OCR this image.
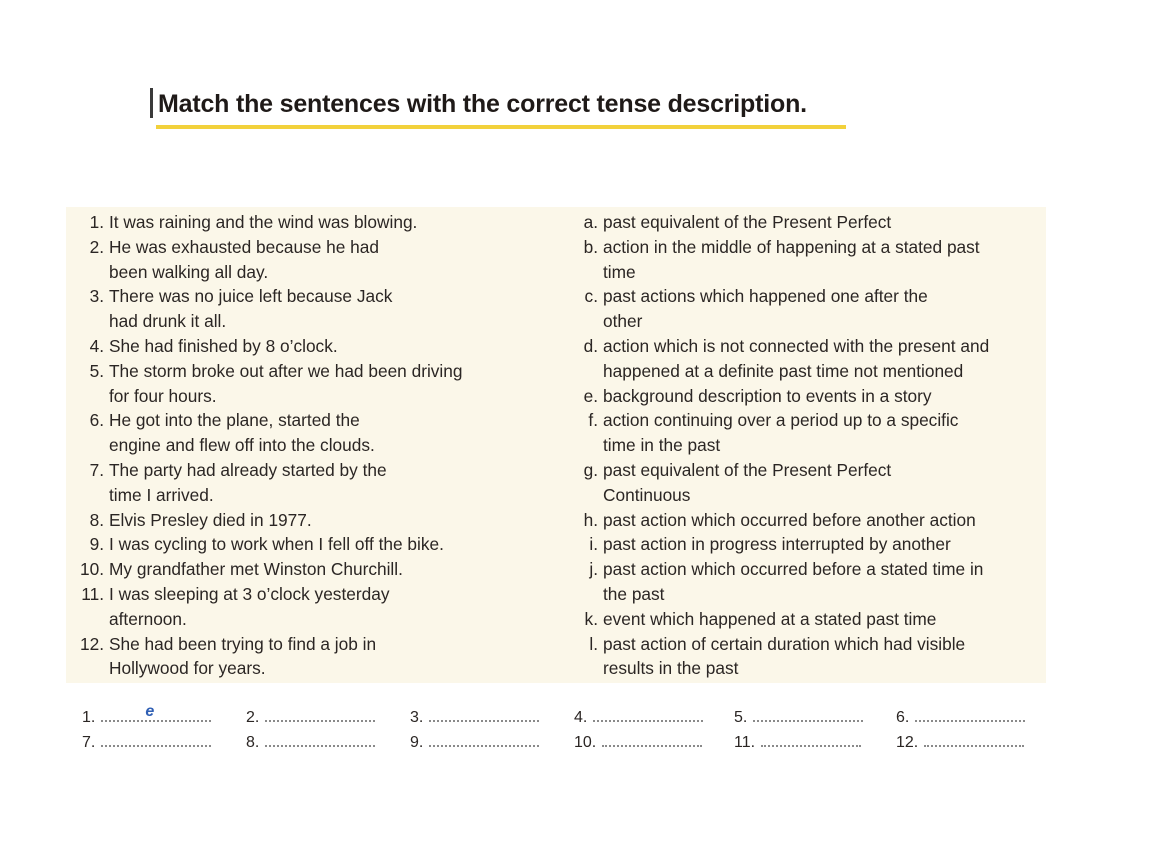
Match the sentences with the correct tense description.
1. It was raining and the wind was blowing.
2. He was exhausted because he had
been walking all day.
3. There was no juice left because Jack
had drunk it all.
4. She had finished by 8 o’clock.
5. The storm broke out after we had been driving
for four hours.
6. He got into the plane, started the
engine and flew off into the clouds.
7. The party had already started by the
time I arrived.
8. Elvis Presley died in 1977.
9. I was cycling to work when I fell off the bike.
10. My grandfather met Winston Churchill.
11. I was sleeping at 3 o’clock yesterday
afternoon.
12. She had been trying to find a job in
Hollywood for years.
a. past equivalent of the Present Perfect
b. action in the middle of happening at a stated past
time
c. past actions which happened one after the
other
d. action which is not connected with the present and
happened at a definite past time not mentioned
e. background description to events in a story
f. action continuing over a period up to a specific
time in the past
g. past equivalent of the Present Perfect
Continuous
h. past action which occurred before another action
i. past action in progress interrupted by another
j. past action which occurred before a stated time in
the past
k. event which happened at a stated past time
l. past action of certain duration which had visible
results in the past
1.	e	2.	3.	4.	5.	6.
7.	8.	9.	10.	11.	12.
